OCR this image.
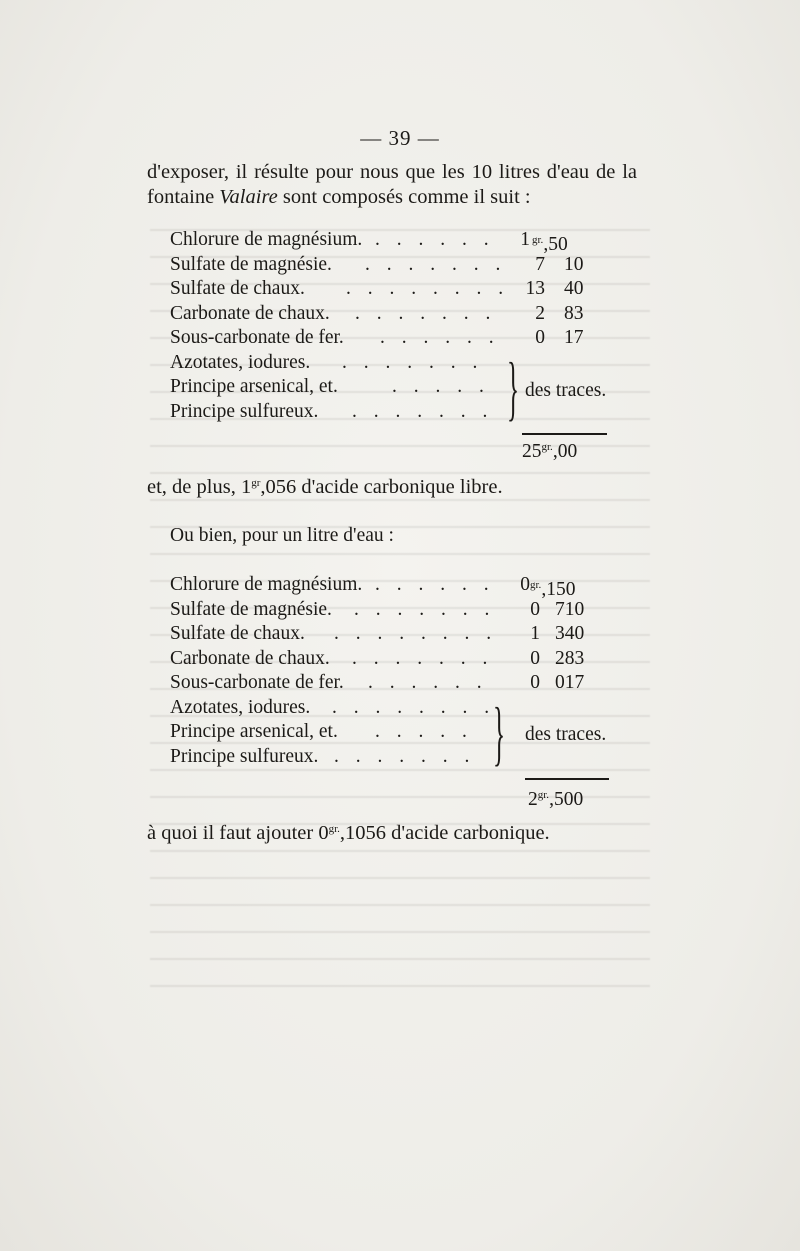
— 39 —
d'exposer, il résulte pour nous que les 10 litres d'eau de la
fontaine Valaire sont composés comme il suit :
Chlorure de magnésium. . . . . . .	1 $^{gr.}$,50
Sulfate de magnésie. . . . . . . .	7 10
Sulfate de chaux. . . . . . . . . 13 40
Carbonate de chaux. . . . . . . .	2 83
Sous-carbonate de fer. . . . . . .	0 17
Azotates, iodures. . . . . . . .
Principe arsenical, et.	. . . . .
Principe sulfureux. . . . . . . . } des traces.
$25^{gr.},00$
et, de plus, $1^{gr},056$ d'acide carbonique libre.
Ou bien, pour un litre d'eau :
Chlorure de magnésium. . . . . . .	0 $^{gr.}$,150
Sulfate de magnésie. . . . . . . .	0 710
Sulfate de chaux. . . . . . . . .	1 340
Carbonate de chaux. . . . . . . .	0 283
Sous-carbonate de fer. . . . . . .	0 017
Azotates, iodures. . . . . . . . .
Principe arsenical, et. . . . . .
Principe sulfureux. . . . . . . . } des traces.
$2^{gr.},500$
à quoi il faut ajouter $0^{gr.},1056$ d'acide carbonique.
